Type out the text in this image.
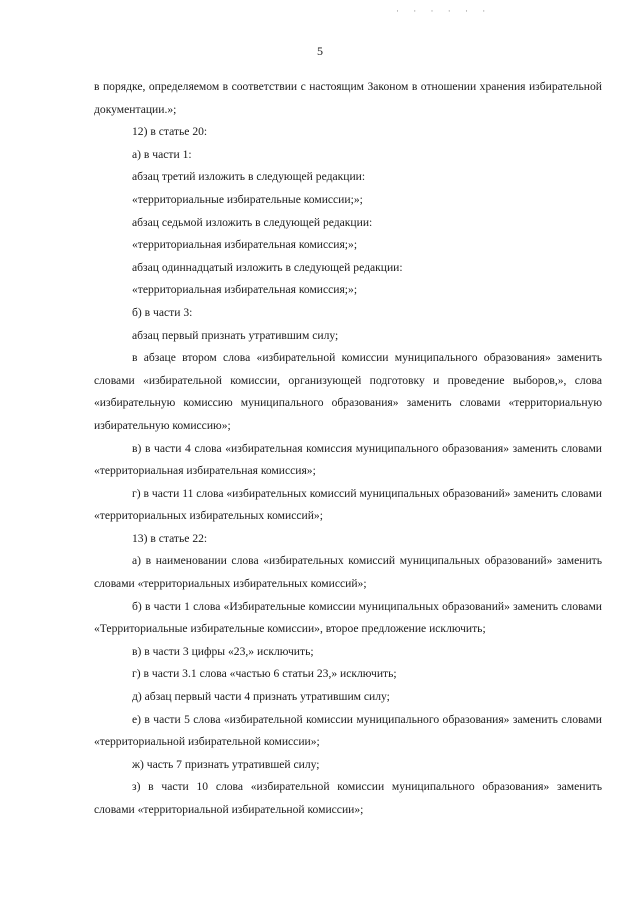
· · · · · ·
5

в порядке, определяемом в соответствии с настоящим Законом в отношении хранения избирательной документации.»;

12) в статье 20:

а) в части 1:

абзац третий изложить в следующей редакции:

«территориальные избирательные комиссии;»;

абзац седьмой изложить в следующей редакции:

«территориальная избирательная комиссия;»;

абзац одиннадцатый изложить в следующей редакции:

«территориальная избирательная комиссия;»;

б) в части 3:

абзац первый признать утратившим силу;

в абзаце втором слова «избирательной комиссии муниципального образования» заменить словами «избирательной комиссии, организующей подготовку и проведение выборов,», слова «избирательную комиссию муниципального образования» заменить словами «территориальную избирательную комиссию»;

в) в части 4 слова «избирательная комиссия муниципального образования» заменить словами «территориальная избирательная комиссия»;

г) в части 11 слова «избирательных комиссий муниципальных образований» заменить словами «территориальных избирательных комиссий»;

13) в статье 22:

а) в наименовании слова «избирательных комиссий муниципальных образований» заменить словами «территориальных избирательных комиссий»;

б) в части 1 слова «Избирательные комиссии муниципальных образований» заменить словами «Территориальные избирательные комиссии», второе предложение исключить;

в) в части 3 цифры «23,» исключить;

г) в части 3.1 слова «частью 6 статьи 23,» исключить;

д) абзац первый части 4 признать утратившим силу;

е) в части 5 слова «избирательной комиссии муниципального образования» заменить словами «территориальной избирательной комиссии»;

ж) часть 7 признать утратившей силу;

з) в части 10 слова «избирательной комиссии муниципального образования» заменить словами «территориальной избирательной комиссии»;
